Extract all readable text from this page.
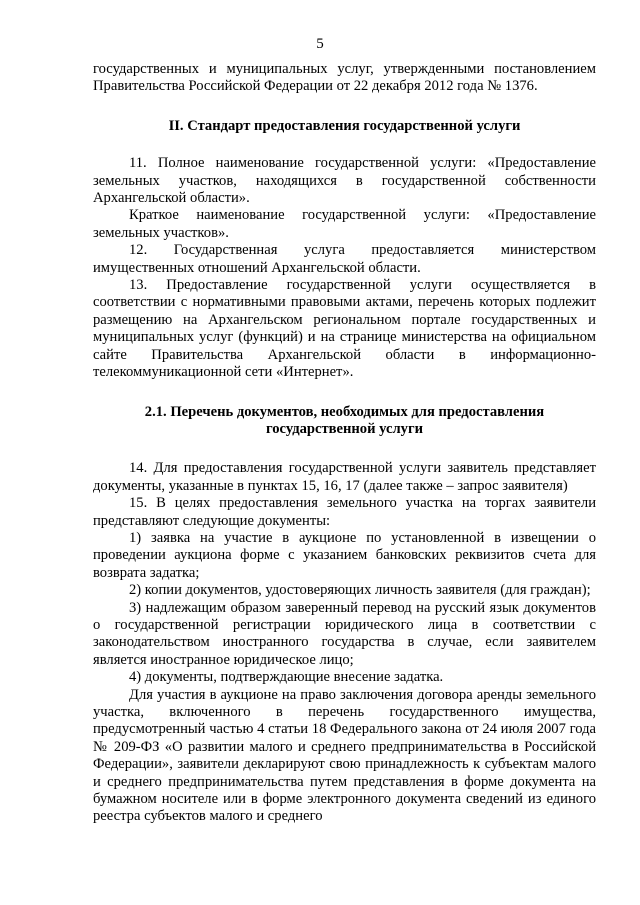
5

государственных и муниципальных услуг, утвержденными постановлением Правительства Российской Федерации от 22 декабря 2012 года № 1376.

II. Стандарт предоставления государственной услуги

11. Полное наименование государственной услуги: «Предоставление земельных участков, находящихся в государственной собственности Архангельской области».

Краткое наименование государственной услуги: «Предоставление земельных участков».

12. Государственная услуга предоставляется министерством имущественных отношений Архангельской области.

13. Предоставление государственной услуги осуществляется в соответствии с нормативными правовыми актами, перечень которых подлежит размещению на Архангельском региональном портале государственных и муниципальных услуг (функций) и на странице министерства на официальном сайте Правительства Архангельской области в информационно-телекоммуникационной сети «Интернет».

2.1. Перечень документов, необходимых для предоставления государственной услуги

14. Для предоставления государственной услуги заявитель представляет документы, указанные в пунктах 15, 16, 17 (далее также – запрос заявителя)

15. В целях предоставления земельного участка на торгах заявители представляют следующие документы:

1) заявка на участие в аукционе по установленной в извещении о проведении аукциона форме с указанием банковских реквизитов счета для возврата задатка;

2) копии документов, удостоверяющих личность заявителя (для граждан);

3) надлежащим образом заверенный перевод на русский язык документов о государственной регистрации юридического лица в соответствии с законодательством иностранного государства в случае, если заявителем является иностранное юридическое лицо;

4) документы, подтверждающие внесение задатка.

Для участия в аукционе на право заключения договора аренды земельного участка, включенного в перечень государственного имущества, предусмотренный частью 4 статьи 18 Федерального закона от 24 июля 2007 года № 209-ФЗ «О развитии малого и среднего предпринимательства в Российской Федерации», заявители декларируют свою принадлежность к субъектам малого и среднего предпринимательства путем представления в форме документа на бумажном носителе или в форме электронного документа сведений из единого реестра субъектов малого и среднего
